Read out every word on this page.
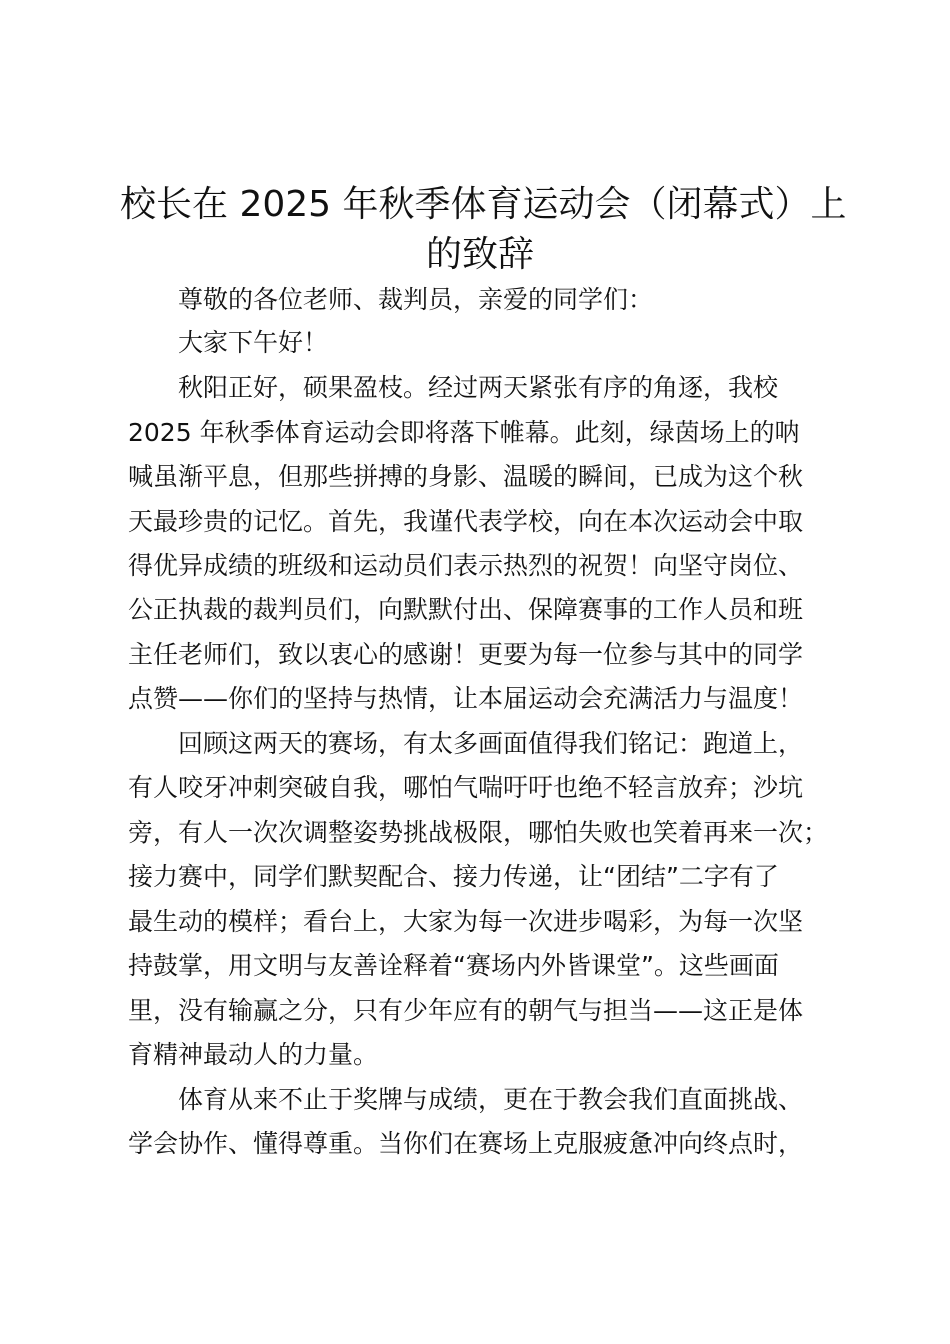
校长在 2025 年秋季体育运动会（闭幕式）上
的致辞
尊敬的各位老师、裁判员，亲爱的同学们：
大家下午好！
秋阳正好，硕果盈枝。经过两天紧张有序的角逐，我校
2025 年秋季体育运动会即将落下帷幕。此刻，绿茵场上的呐
喊虽渐平息，但那些拼搏的身影、温暖的瞬间，已成为这个秋
天最珍贵的记忆。首先，我谨代表学校，向在本次运动会中取
得优异成绩的班级和运动员们表示热烈的祝贺！向坚守岗位、
公正执裁的裁判员们，向默默付出、保障赛事的工作人员和班
主任老师们，致以衷心的感谢！更要为每一位参与其中的同学
点赞——你们的坚持与热情，让本届运动会充满活力与温度！
回顾这两天的赛场，有太多画面值得我们铭记：跑道上，
有人咬牙冲刺突破自我，哪怕气喘吁吁也绝不轻言放弃；沙坑
旁，有人一次次调整姿势挑战极限，哪怕失败也笑着再来一次；
接力赛中，同学们默契配合、接力传递，让“团结”二字有了
最生动的模样；看台上，大家为每一次进步喝彩，为每一次坚
持鼓掌，用文明与友善诠释着“赛场内外皆课堂”。这些画面
里，没有输赢之分，只有少年应有的朝气与担当——这正是体
育精神最动人的力量。
体育从来不止于奖牌与成绩，更在于教会我们直面挑战、
学会协作、懂得尊重。当你们在赛场上克服疲惫冲向终点时，
